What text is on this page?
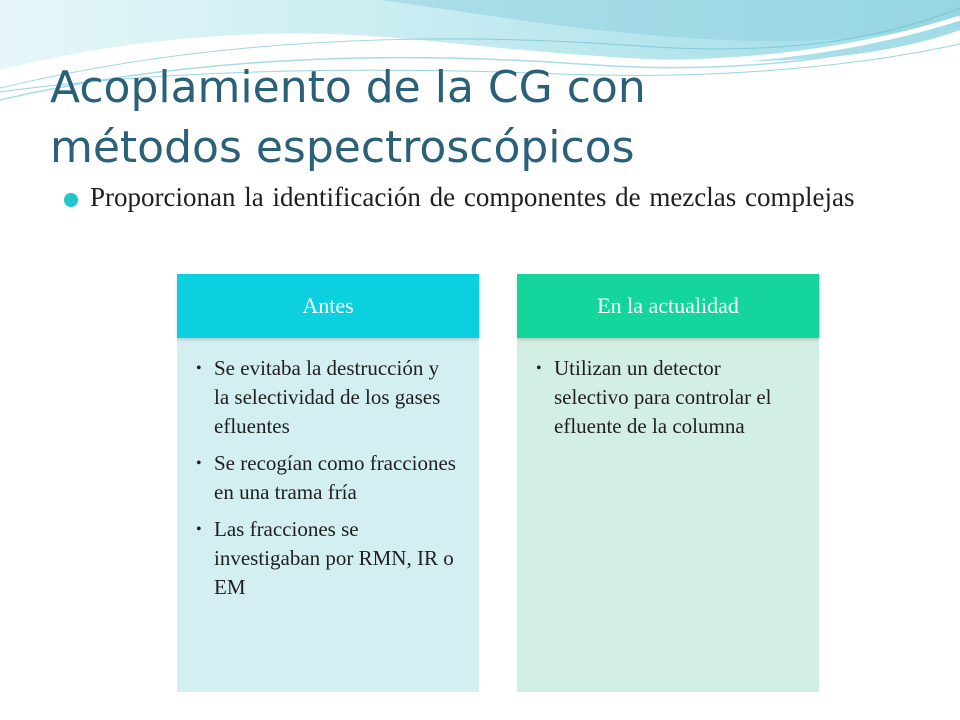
Acoplamiento de la CG con
métodos espectroscópicos
Proporcionan la identificación de componentes de mezclas complejas
Antes
• Se evitaba la destrucción y la selectividad de los gases efluentes
• Se recogían como fracciones en una trama fría
• Las fracciones se investigaban por RMN, IR o EM
En la actualidad
• Utilizan un detector selectivo para controlar el efluente de la columna
